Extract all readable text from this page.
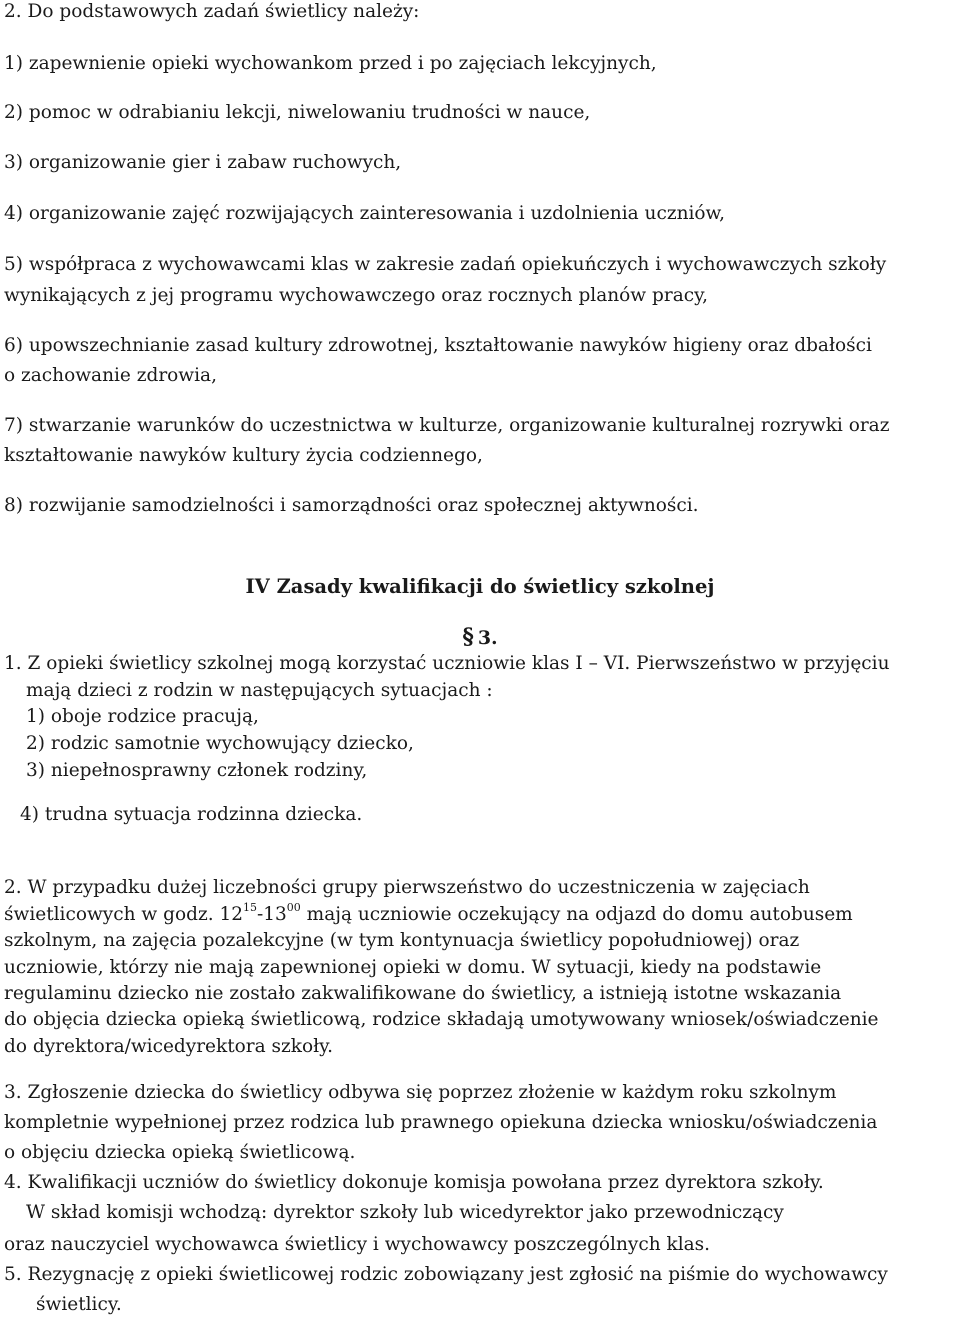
2. Do podstawowych zadań świetlicy należy:
1) zapewnienie opieki wychowankom przed i po zajęciach lekcyjnych,
2) pomoc w odrabianiu lekcji, niwelowaniu trudności w nauce,
3) organizowanie gier i zabaw ruchowych,
4) organizowanie zajęć rozwijających zainteresowania i uzdolnienia uczniów,
5) współpraca z wychowawcami klas w zakresie zadań opiekuńczych i wychowawczych szkoły
wynikających z jej programu wychowawczego oraz rocznych planów pracy,
6) upowszechnianie zasad kultury zdrowotnej, kształtowanie nawyków higieny oraz dbałości
o zachowanie zdrowia,
7) stwarzanie warunków do uczestnictwa w kulturze, organizowanie kulturalnej rozrywki oraz
kształtowanie nawyków kultury życia codziennego,
8) rozwijanie samodzielności i samorządności oraz społecznej aktywności.
IV Zasady kwalifikacji do świetlicy szkolnej
§ 3.
1. Z opieki świetlicy szkolnej mogą korzystać uczniowie klas I – VI. Pierwszeństwo w przyjęciu
mają dzieci z rodzin w następujących sytuacjach :
1) oboje rodzice pracują,
2) rodzic samotnie wychowujący dziecko,
3) niepełnosprawny członek rodziny,
4) trudna sytuacja rodzinna dziecka.
2. W przypadku dużej liczebności grupy pierwszeństwo do uczestniczenia w zajęciach
świetlicowych w godz. $12^{15}-13^{00}$ mają uczniowie oczekujący na odjazd do domu autobusem
szkolnym, na zajęcia pozalekcyjne (w tym kontynuacja świetlicy popołudniowej) oraz
uczniowie, którzy nie mają zapewnionej opieki w domu. W sytuacji, kiedy na podstawie
regulaminu dziecko nie zostało zakwalifikowane do świetlicy, a istnieją istotne wskazania
do objęcia dziecka opieką świetlicową, rodzice składają umotywowany wniosek/oświadczenie
do dyrektora/wicedyrektora szkoły.
3. Zgłoszenie dziecka do świetlicy odbywa się poprzez złożenie w każdym roku szkolnym
kompletnie wypełnionej przez rodzica lub prawnego opiekuna dziecka wniosku/oświadczenia
o objęciu dziecka opieką świetlicową.
4. Kwalifikacji uczniów do świetlicy dokonuje komisja powołana przez dyrektora szkoły.
W skład komisji wchodzą: dyrektor szkoły lub wicedyrektor jako przewodniczący
oraz nauczyciel wychowawca świetlicy i wychowawcy poszczególnych klas.
5. Rezygnację z opieki świetlicowej rodzic zobowiązany jest zgłosić na piśmie do wychowawcy
świetlicy.
